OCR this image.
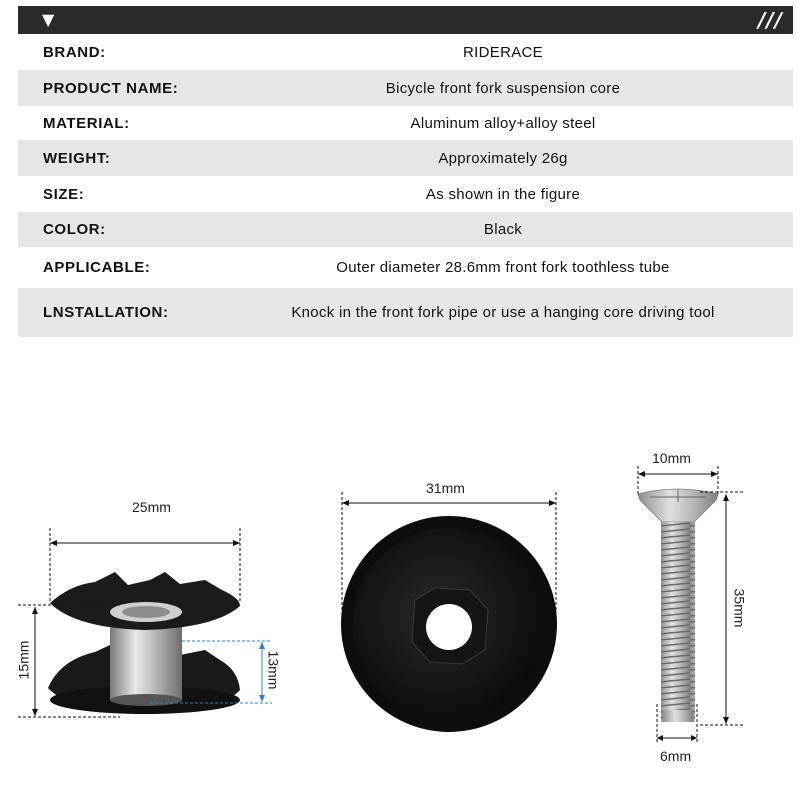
▼	///
BRAND:	RIDERACE
PRODUCT NAME:	Bicycle front fork suspension core
MATERIAL:	Aluminum alloy+alloy steel
WEIGHT:	Approximately 26g
SIZE:	As shown in the figure
COLOR:	Black
APPLICABLE:	Outer diameter 28.6mm front fork toothless tube
LNSTALLATION:	Knock in the front fork pipe or use a hanging core driving tool
25mm
15mm	13mm
31mm
10mm
35mm
6mm
